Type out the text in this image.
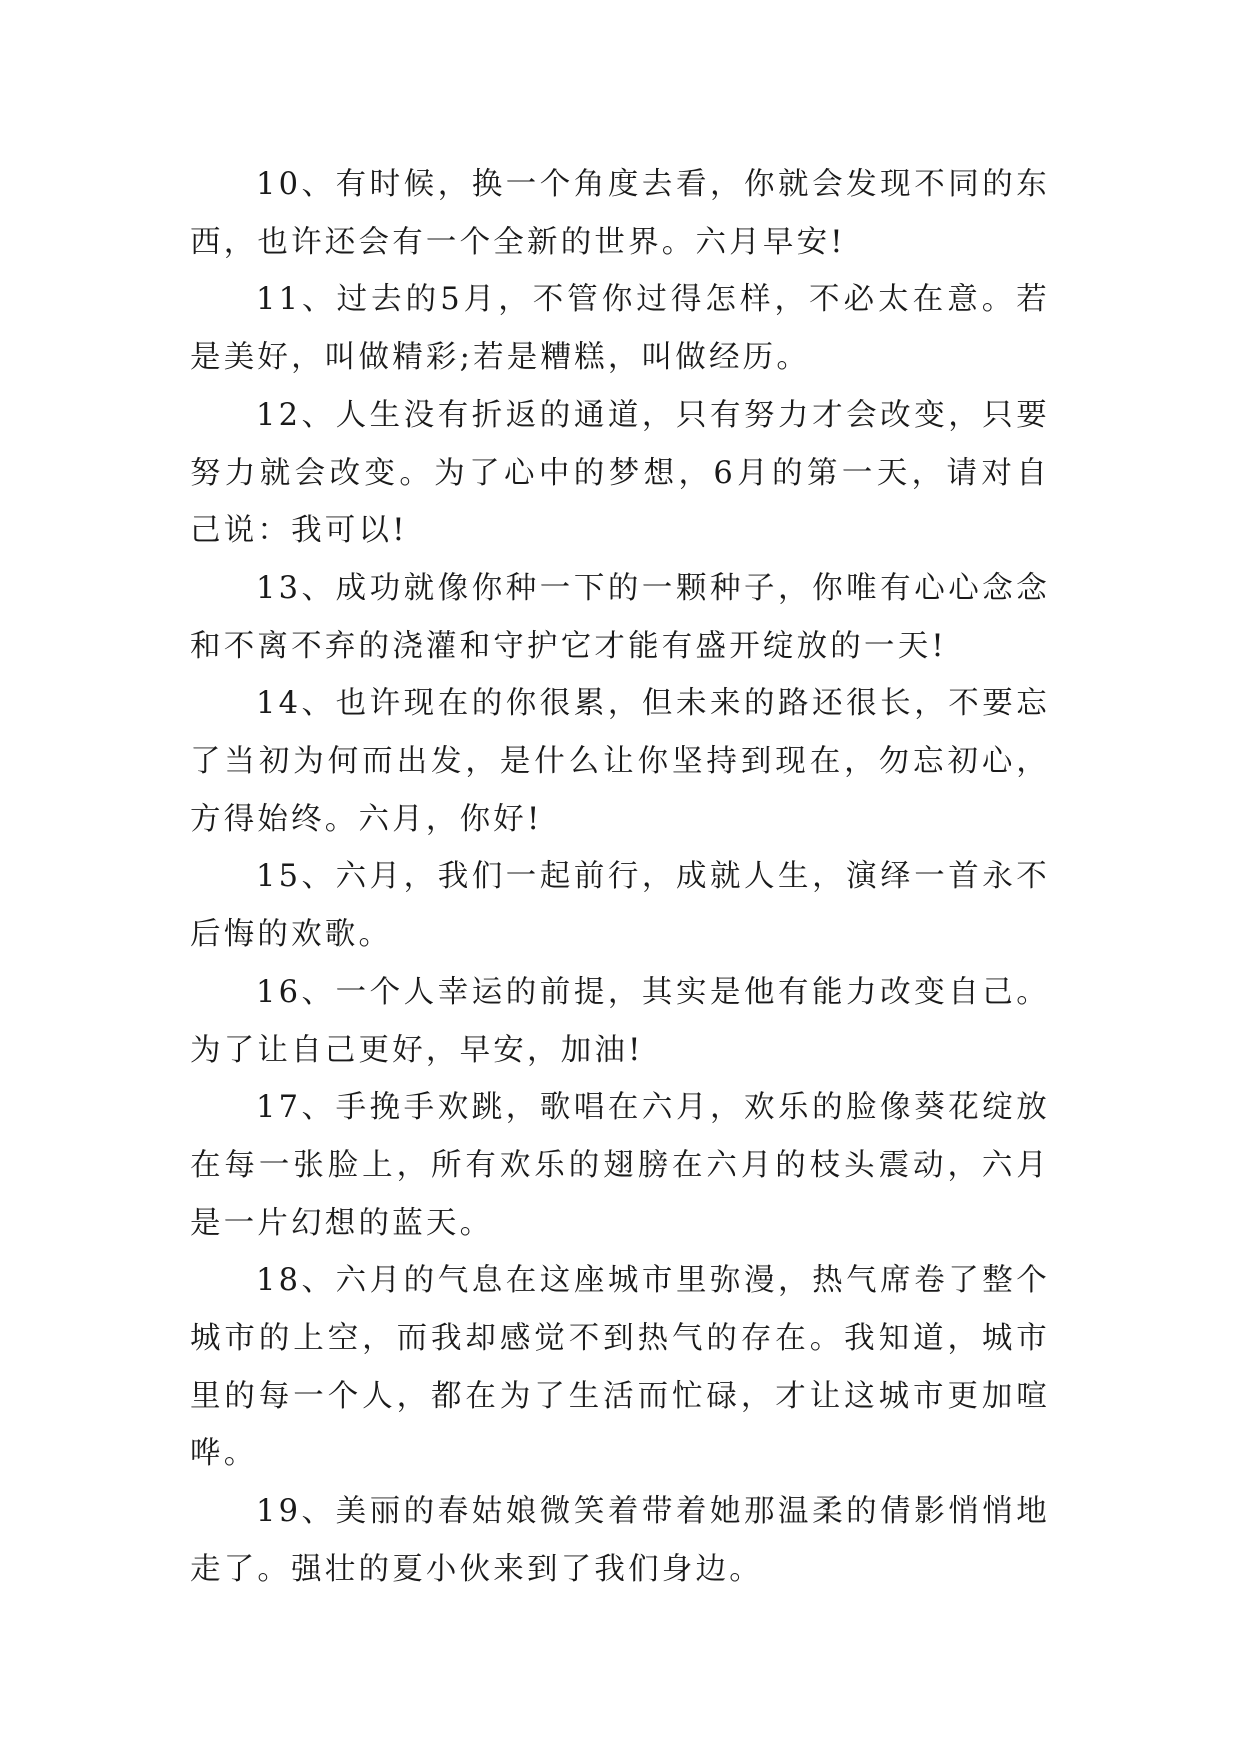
10、有时候，换一个角度去看，你就会发现不同的东西，也许还会有一个全新的世界。六月早安!

11、过去的5月，不管你过得怎样，不必太在意。若是美好，叫做精彩;若是糟糕，叫做经历。

12、人生没有折返的通道，只有努力才会改变，只要努力就会改变。为了心中的梦想，6月的第一天，请对自己说：我可以!

13、成功就像你种一下的一颗种子，你唯有心心念念和不离不弃的浇灌和守护它才能有盛开绽放的一天!

14、也许现在的你很累，但未来的路还很长，不要忘了当初为何而出发，是什么让你坚持到现在，勿忘初心，方得始终。六月，你好!

15、六月，我们一起前行，成就人生，演绎一首永不后悔的欢歌。

16、一个人幸运的前提，其实是他有能力改变自己。为了让自己更好，早安，加油!

17、手挽手欢跳，歌唱在六月，欢乐的脸像葵花绽放在每一张脸上，所有欢乐的翅膀在六月的枝头震动，六月是一片幻想的蓝天。

18、六月的气息在这座城市里弥漫，热气席卷了整个城市的上空，而我却感觉不到热气的存在。我知道，城市里的每一个人，都在为了生活而忙碌，才让这城市更加喧哗。

19、美丽的春姑娘微笑着带着她那温柔的倩影悄悄地走了。强壮的夏小伙来到了我们身边。
